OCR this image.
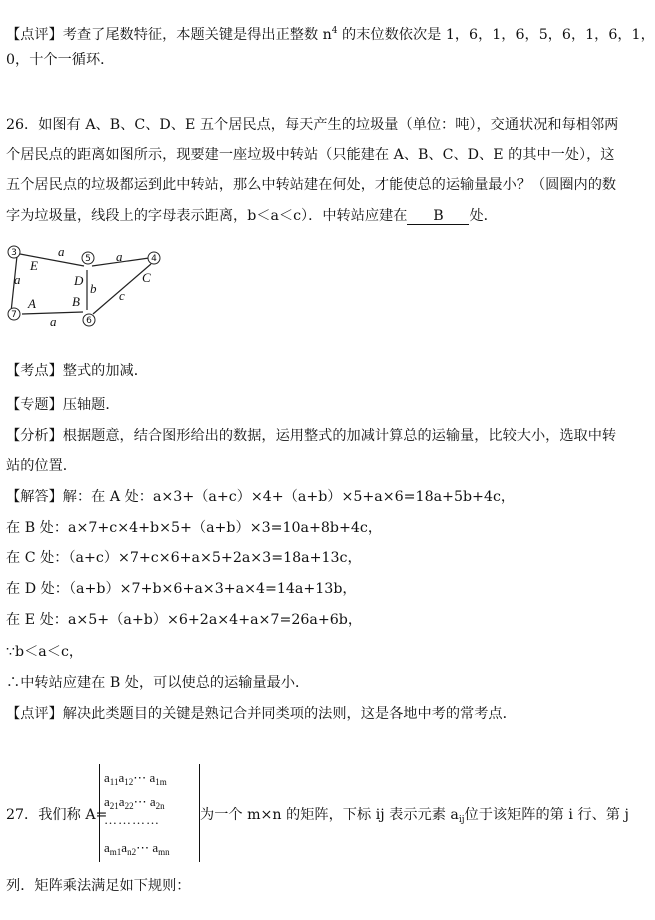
【点评】考查了尾数特征，本题关键是得出正整数 $n^4$ 的末位数依次是 1，6，1，6，5，6，1，6，1，
0，十个一循环．
26．如图有 A、B、C、D、E 五个居民点，每天产生的垃圾量（单位：吨），交通状况和每相邻两
个居民点的距离如图所示，现要建一座垃圾中转站（只能建在 A、B、C、D、E 的其中一处），这
五个居民点的垃圾都运到此中转站，那么中转站建在何处，才能使总的运输量最小？（圆圈内的数
字为垃圾量，线段上的字母表示距离，b＜a＜c）．中转站应建在 B 处．
E
D	C
B
A
a	a
a
a
b c
3
5	4
6
7
【考点】整式的加减．
【专题】压轴题．
【分析】根据题意，结合图形给出的数据，运用整式的加减计算总的运输量，比较大小，选取中转
站的位置．
【解答】解：在 A 处：a×3+（a+c）×4+（a+b）×5+a×6=18a+5b+4c，
在 B 处：a×7+c×4+b×5+（a+b）×3=10a+8b+4c，
在 C 处：（a+c）×7+c×6+a×5+2a×3=18a+13c，
在 D 处：（a+b）×7+b×6+a×3+a×4=14a+13b，
在 E 处：a×5+（a+b）×6+2a×4+a×7=26a+6b，
∵b＜a＜c，
∴中转站应建在 B 处，可以使总的运输量最小．
【点评】解决此类题目的关键是熟记合并同类项的法则，这是各地中考的常考点．
27．我们称 A=
$a_{11}a_{12}\cdots$ $a_{1m}$
$a_{21}a_{22}\cdots$ $a_{2n}$
…………
$a_{m1}a_{n2}\cdots$ $a_{mn}$
为一个 m×n 的矩阵，下标 ij 表示元素 $a_{ij}$位于该矩阵的第 i 行、第 j
列．矩阵乘法满足如下规则：
